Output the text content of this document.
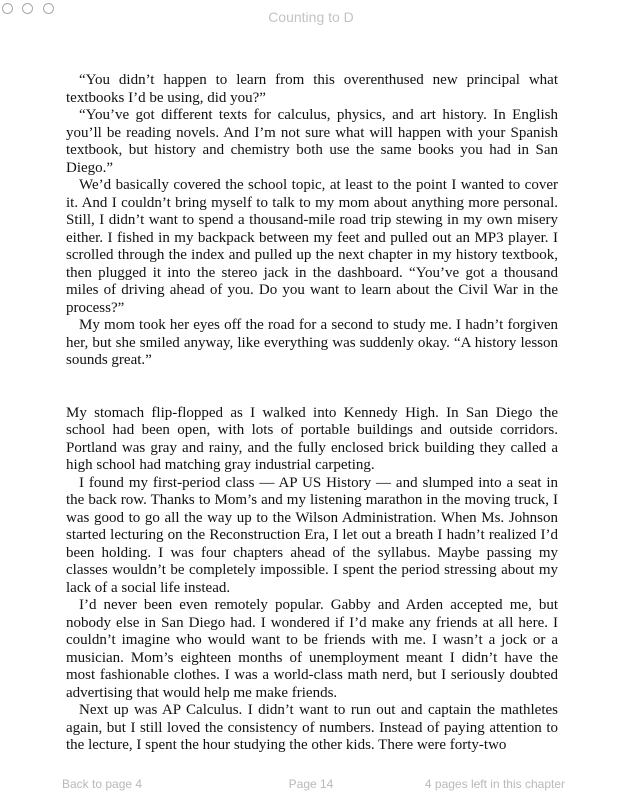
Counting to D

“You didn’t happen to learn from this overenthused new principal what textbooks I’d be using, did you?”

“You’ve got different texts for calculus, physics, and art history. In English you’ll be reading novels. And I’m not sure what will happen with your Spanish textbook, but history and chemistry both use the same books you had in San Diego.”

We’d basically covered the school topic, at least to the point I wanted to cover it. And I couldn’t bring myself to talk to my mom about anything more personal. Still, I didn’t want to spend a thousand-mile road trip stewing in my own misery either. I fished in my backpack between my feet and pulled out an MP3 player. I scrolled through the index and pulled up the next chapter in my history textbook, then plugged it into the stereo jack in the dashboard. “You’ve got a thousand miles of driving ahead of you. Do you want to learn about the Civil War in the process?”

My mom took her eyes off the road for a second to study me. I hadn’t forgiven her, but she smiled anyway, like everything was suddenly okay. “A history lesson sounds great.”

My stomach flip-flopped as I walked into Kennedy High. In San Diego the school had been open, with lots of portable buildings and outside corridors. Portland was gray and rainy, and the fully enclosed brick building they called a high school had matching gray industrial carpeting.

I found my first-period class — AP US History — and slumped into a seat in the back row. Thanks to Mom’s and my listening marathon in the moving truck, I was good to go all the way up to the Wilson Administration. When Ms. Johnson started lecturing on the Reconstruction Era, I let out a breath I hadn’t realized I’d been holding. I was four chapters ahead of the syllabus. Maybe passing my classes wouldn’t be completely impossible. I spent the period stressing about my lack of a social life instead.

I’d never been even remotely popular. Gabby and Arden accepted me, but nobody else in San Diego had. I wondered if I’d make any friends at all here. I couldn’t imagine who would want to be friends with me. I wasn’t a jock or a musician. Mom’s eighteen months of unemployment meant I didn’t have the most fashionable clothes. I was a world-class math nerd, but I seriously doubted advertising that would help me make friends.

Next up was AP Calculus. I didn’t want to run out and captain the mathletes again, but I still loved the consistency of numbers. Instead of paying attention to the lecture, I spent the hour studying the other kids. There were forty-two

Back to page 4	Page 14	4 pages left in this chapter
